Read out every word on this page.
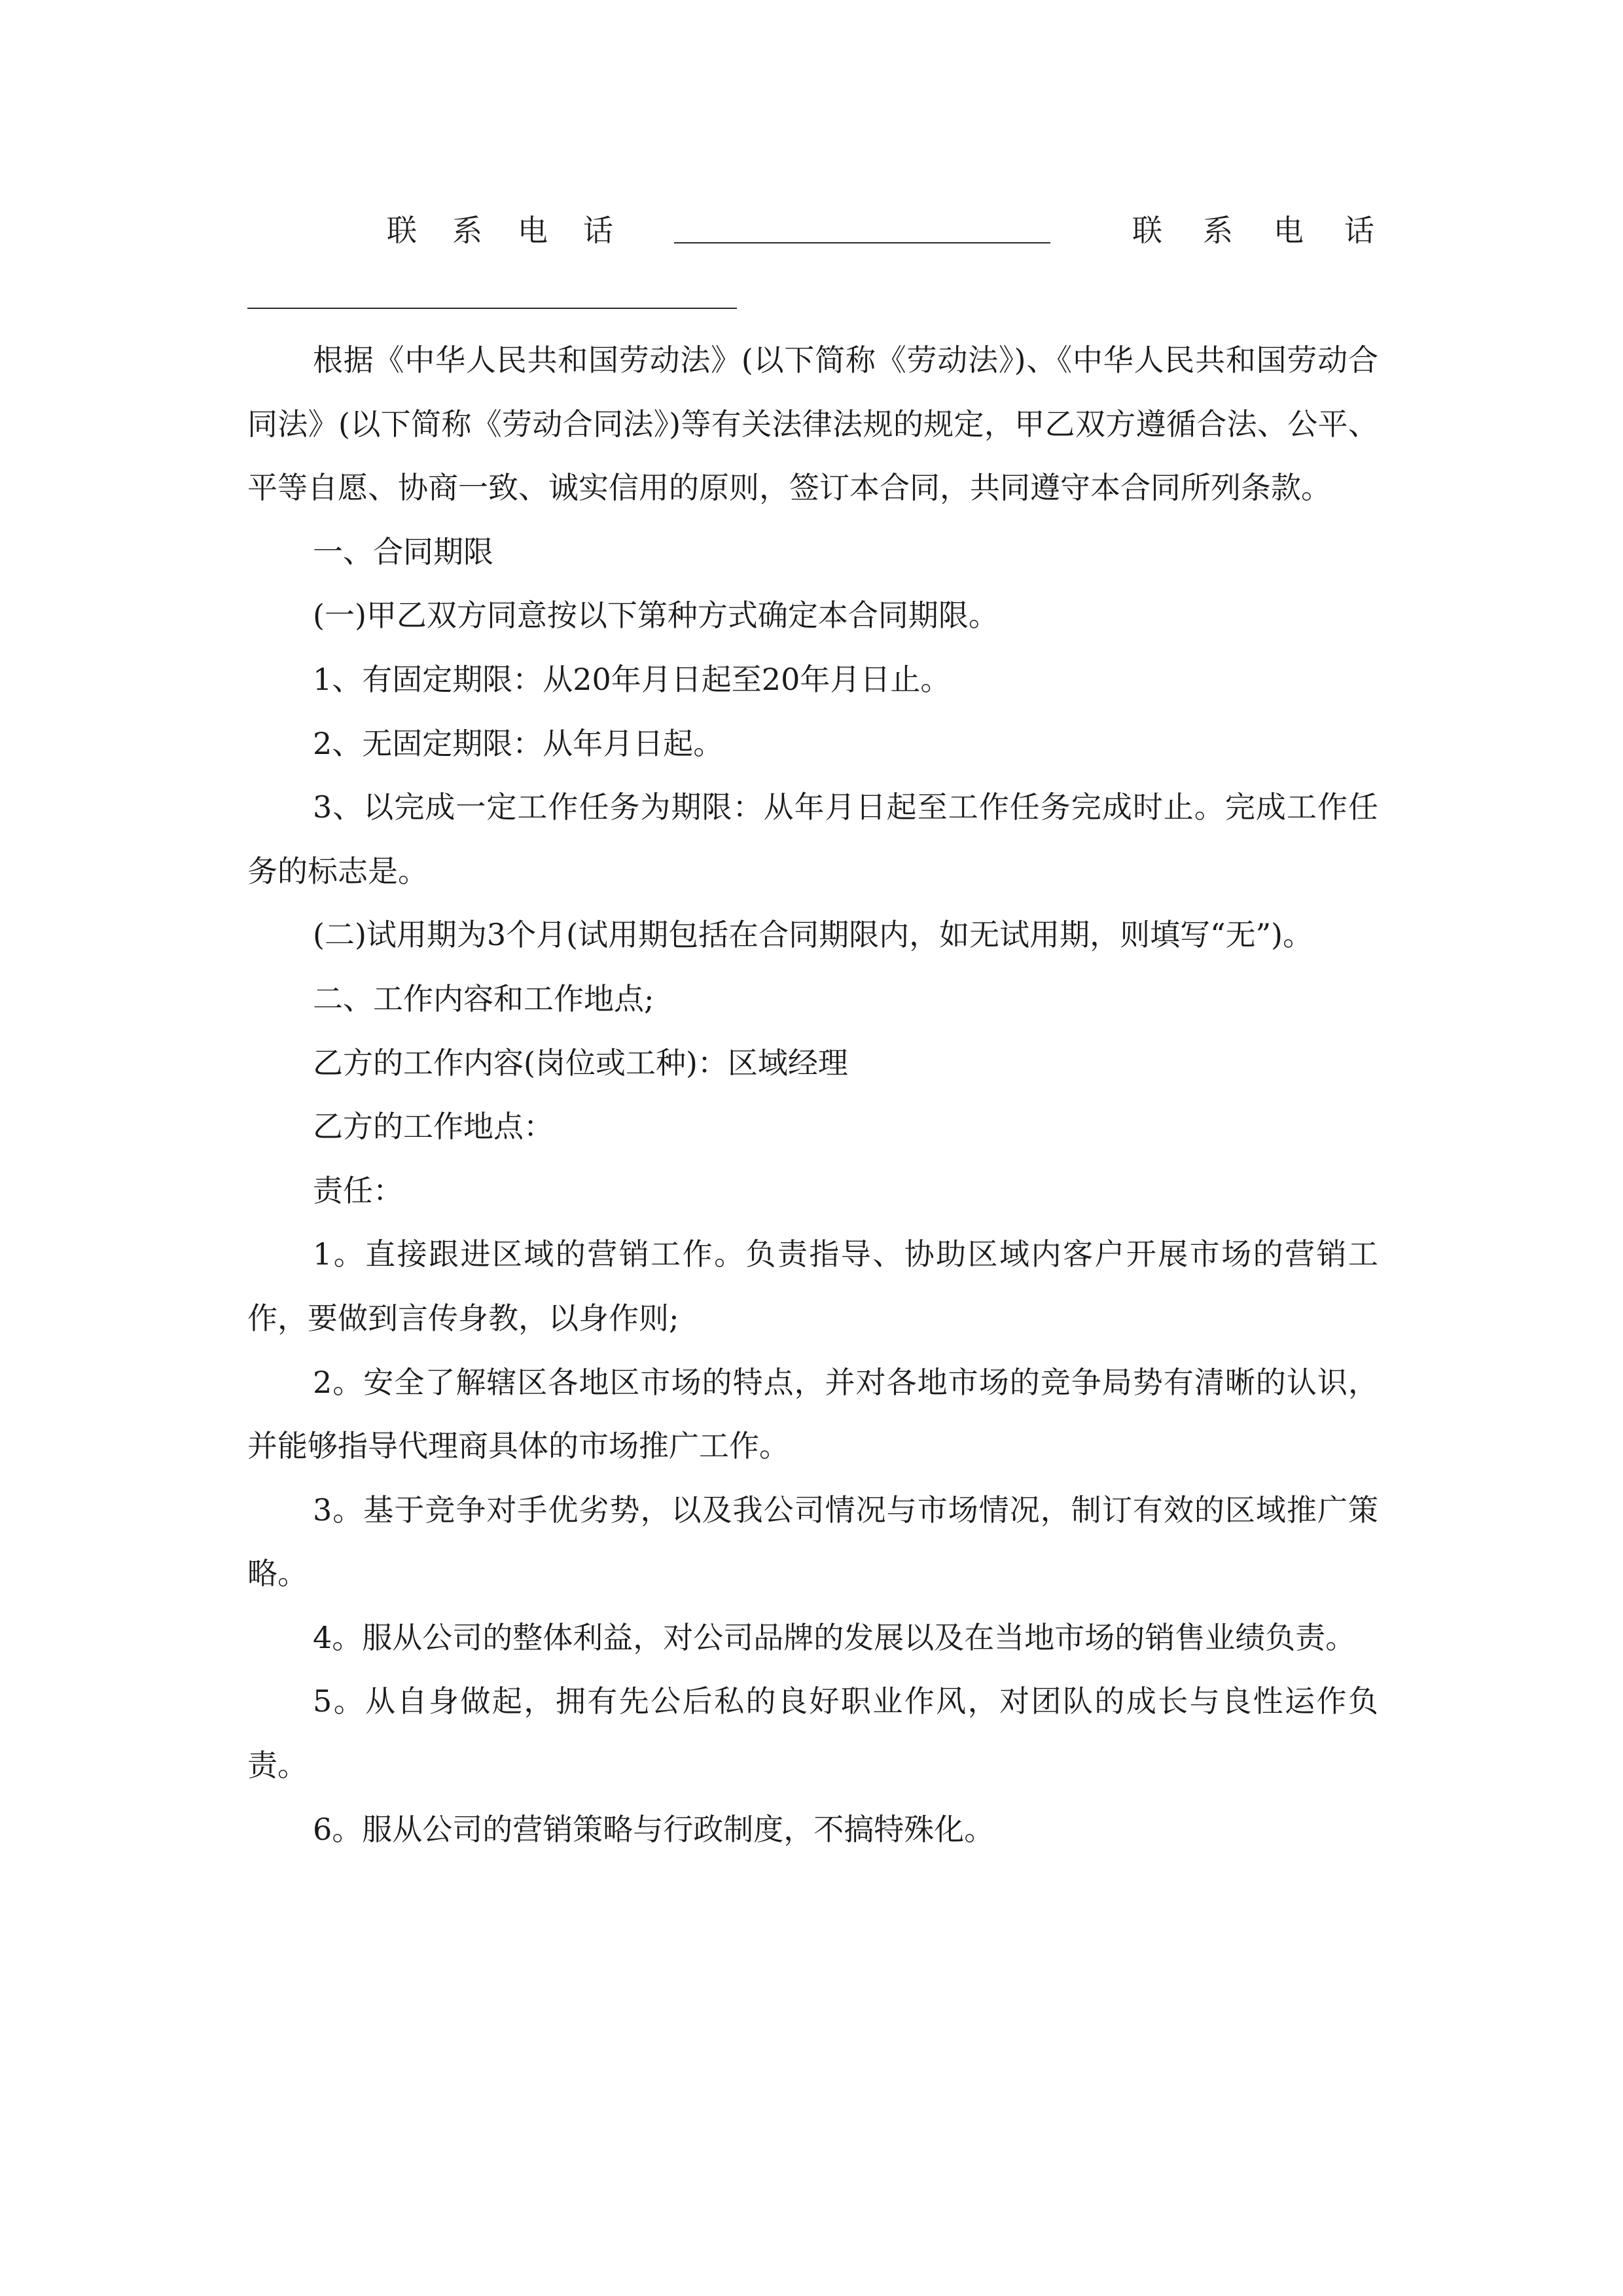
联系电话	联系电话

根据《中华人民共和国劳动法》(以下简称《劳动法》)、《中华人民共和国劳动合同法》(以下简称《劳动合同法》)等有关法律法规的规定，甲乙双方遵循合法、公平、平等自愿、协商一致、诚实信用的原则，签订本合同，共同遵守本合同所列条款。

一、合同期限

(一)甲乙双方同意按以下第种方式确定本合同期限。

1、有固定期限：从20年月日起至20年月日止。

2、无固定期限：从年月日起。

3、以完成一定工作任务为期限：从年月日起至工作任务完成时止。完成工作任务的标志是。

(二)试用期为3个月(试用期包括在合同期限内，如无试用期，则填写“无”)。

二、工作内容和工作地点;

乙方的工作内容(岗位或工种)：区域经理

乙方的工作地点：

责任：

1。直接跟进区域的营销工作。负责指导、协助区域内客户开展市场的营销工作，要做到言传身教，以身作则;

2。安全了解辖区各地区市场的特点，并对各地市场的竞争局势有清晰的认识，并能够指导代理商具体的市场推广工作。

3。基于竞争对手优劣势，以及我公司情况与市场情况，制订有效的区域推广策略。

4。服从公司的整体利益，对公司品牌的发展以及在当地市场的销售业绩负责。

5。从自身做起，拥有先公后私的良好职业作风，对团队的成长与良性运作负责。

6。服从公司的营销策略与行政制度，不搞特殊化。
